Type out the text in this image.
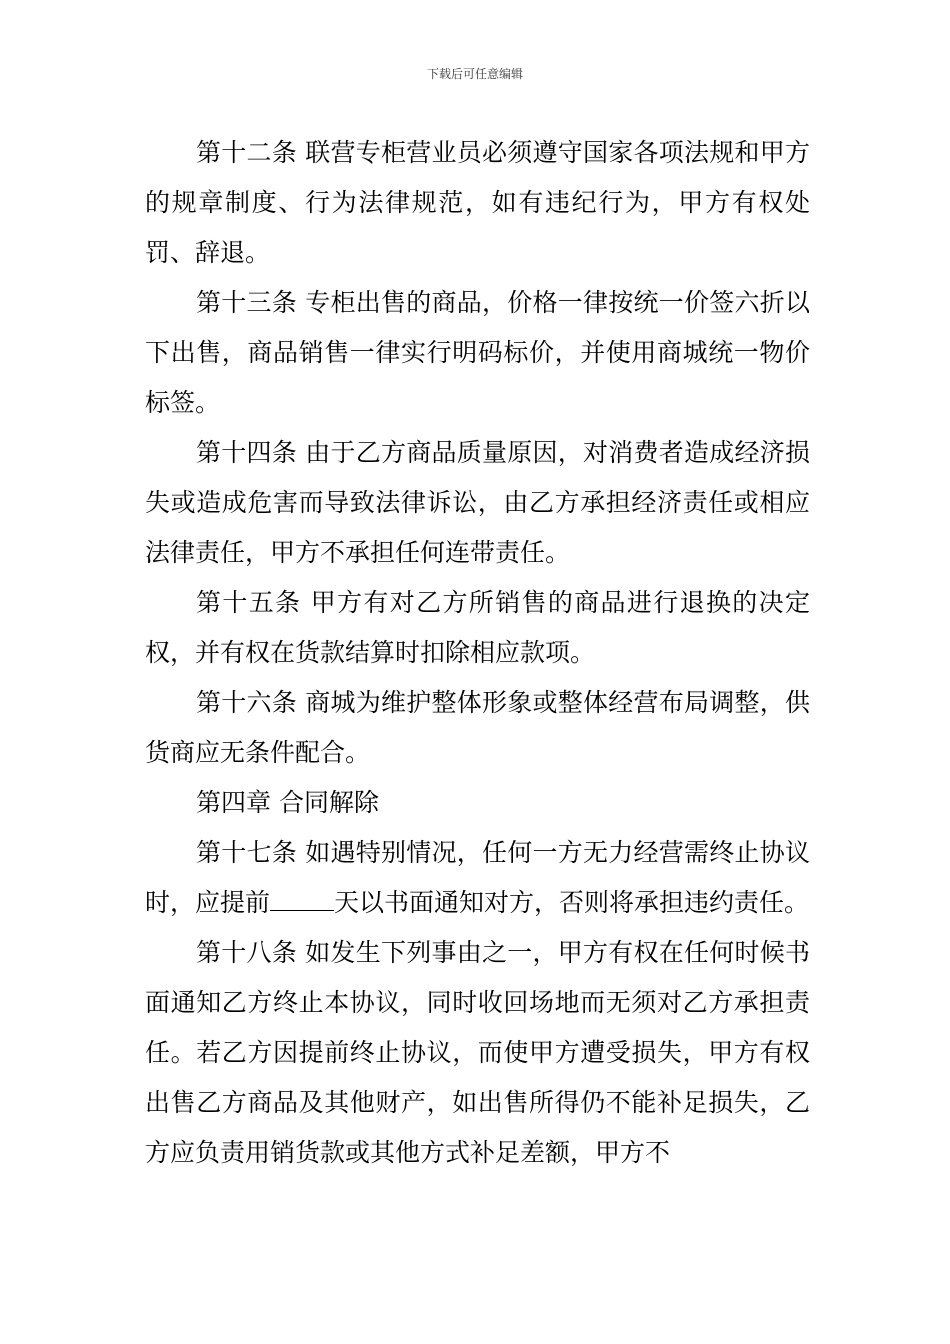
下载后可任意编辑

第十二条 联营专柜营业员必须遵守国家各项法规和甲方的规章制度、行为法律规范，如有违纪行为，甲方有权处罚、辞退。

第十三条 专柜出售的商品，价格一律按统一价签六折以下出售，商品销售一律实行明码标价，并使用商城统一物价标签。

第十四条 由于乙方商品质量原因，对消费者造成经济损失或造成危害而导致法律诉讼，由乙方承担经济责任或相应法律责任，甲方不承担任何连带责任。

第十五条 甲方有对乙方所销售的商品进行退换的决定权，并有权在货款结算时扣除相应款项。

第十六条 商城为维护整体形象或整体经营布局调整，供货商应无条件配合。

第四章 合同解除

第十七条 如遇特别情况，任何一方无力经营需终止协议时，应提前	天以书面通知对方，否则将承担违约责任。

第十八条 如发生下列事由之一，甲方有权在任何时候书面通知乙方终止本协议，同时收回场地而无须对乙方承担责任。若乙方因提前终止协议，而使甲方遭受损失，甲方有权出售乙方商品及其他财产，如出售所得仍不能补足损失，乙方应负责用销货款或其他方式补足差额，甲方不
